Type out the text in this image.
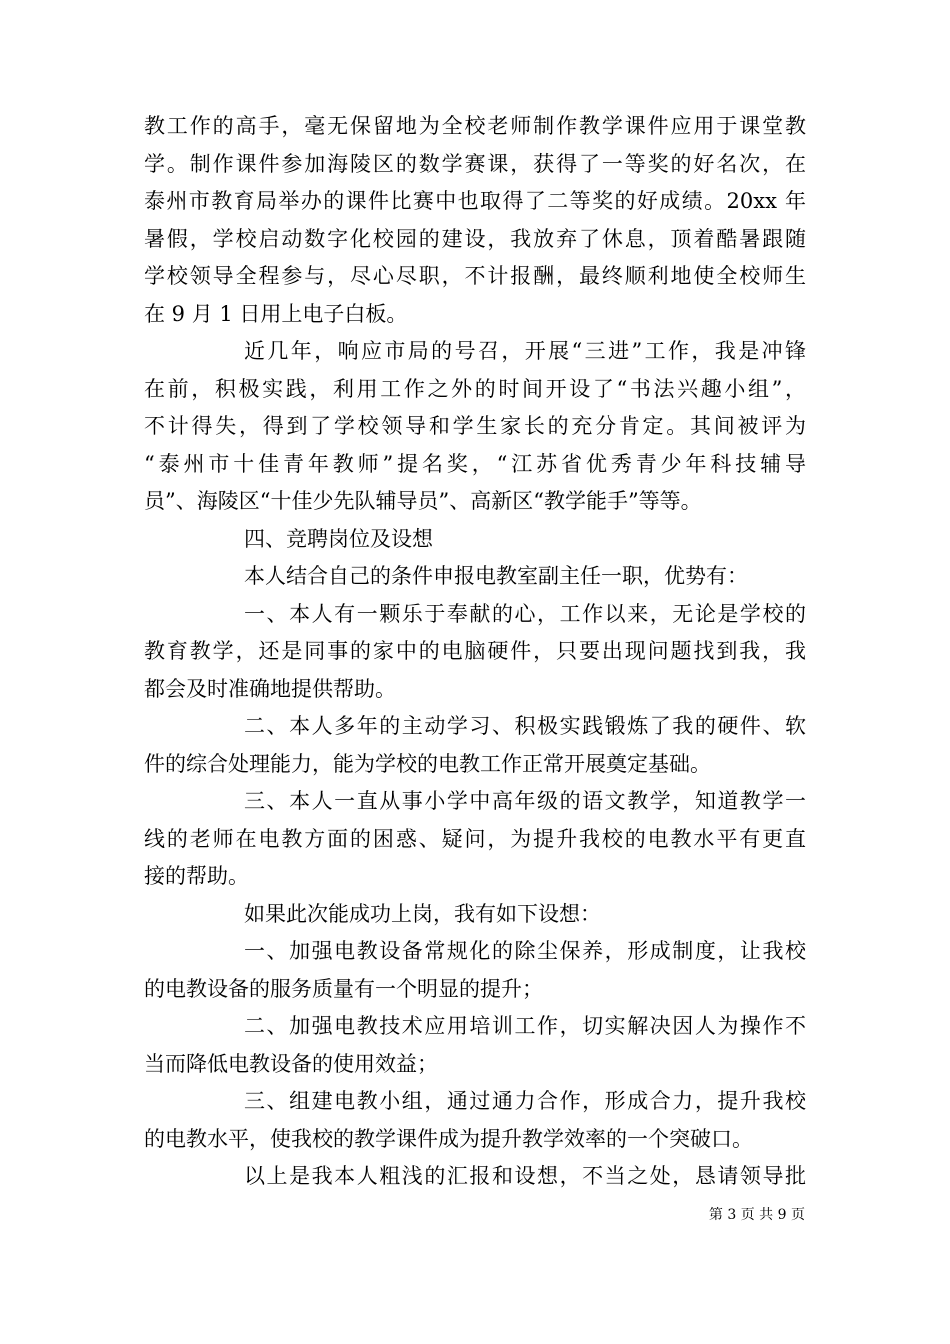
教工作的高手，毫无保留地为全校老师制作教学课件应用于课堂教
学。制作课件参加海陵区的数学赛课，获得了一等奖的好名次，在
泰州市教育局举办的课件比赛中也取得了二等奖的好成绩。20xx 年
暑假，学校启动数字化校园的建设，我放弃了休息，顶着酷暑跟随
学校领导全程参与，尽心尽职，不计报酬，最终顺利地使全校师生
在 9 月 1 日用上电子白板。
近几年，响应市局的号召，开展“三进”工作，我是冲锋
在前，积极实践，利用工作之外的时间开设了“书法兴趣小组”，
不计得失，得到了学校领导和学生家长的充分肯定。其间被评为
“泰州市十佳青年教师”提名奖，“江苏省优秀青少年科技辅导
员”、海陵区“十佳少先队辅导员”、高新区“教学能手”等等。
四、竞聘岗位及设想
本人结合自己的条件申报电教室副主任一职，优势有：
一、本人有一颗乐于奉献的心，工作以来，无论是学校的
教育教学，还是同事的家中的电脑硬件，只要出现问题找到我，我
都会及时准确地提供帮助。
二、本人多年的主动学习、积极实践锻炼了我的硬件、软
件的综合处理能力，能为学校的电教工作正常开展奠定基础。
三、本人一直从事小学中高年级的语文教学，知道教学一
线的老师在电教方面的困惑、疑问，为提升我校的电教水平有更直
接的帮助。
如果此次能成功上岗，我有如下设想：
一、加强电教设备常规化的除尘保养，形成制度，让我校
的电教设备的服务质量有一个明显的提升；
二、加强电教技术应用培训工作，切实解决因人为操作不
当而降低电教设备的使用效益；
三、组建电教小组，通过通力合作，形成合力，提升我校
的电教水平，使我校的教学课件成为提升教学效率的一个突破口。
以上是我本人粗浅的汇报和设想，不当之处，恳请领导批
第 3 页 共 9 页
